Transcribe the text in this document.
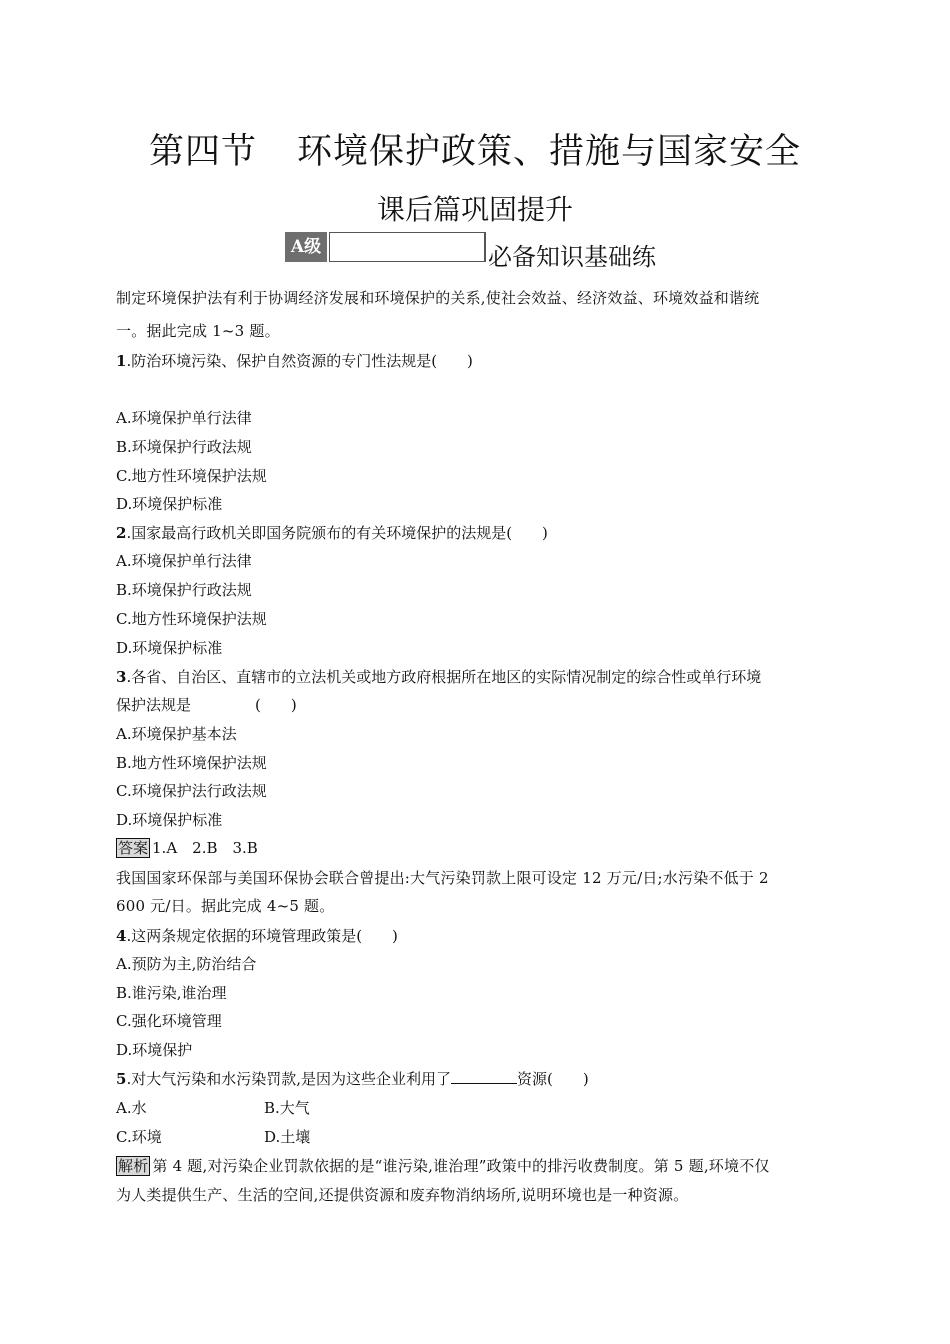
第四节 环境保护政策、措施与国家安全
课后篇巩固提升
A级	必备知识基础练
制定环境保护法有利于协调经济发展和环境保护的关系,使社会效益、经济效益、环境效益和谐统
一。据此完成 1~3 题。
1.防治环境污染、保护自然资源的专门性法规是(　　)
A.环境保护单行法律
B.环境保护行政法规
C.地方性环境保护法规
D.环境保护标准
2.国家最高行政机关即国务院颁布的有关环境保护的法规是(　　)
A.环境保护单行法律
B.环境保护行政法规
C.地方性环境保护法规
D.环境保护标准
3.各省、自治区、直辖市的立法机关或地方政府根据所在地区的实际情况制定的综合性或单行环境
保护法规是	(　　)
A.环境保护基本法
B.地方性环境保护法规
C.环境保护法行政法规
D.环境保护标准
答案 1.A　2.B　3.B
我国国家环保部与美国环保协会联合曾提出:大气污染罚款上限可设定 12 万元/日;水污染不低于 2
600 元/日。据此完成 4~5 题。
4.这两条规定依据的环境管理政策是(　　)
A.预防为主,防治结合
B.谁污染,谁治理
C.强化环境管理
D.环境保护
5.对大气污染和水污染罚款,是因为这些企业利用了	资源(　　)
A.水	B.大气
C.环境	D.土壤
解析 第 4 题,对污染企业罚款依据的是“谁污染,谁治理”政策中的排污收费制度。第 5 题,环境不仅
为人类提供生产、生活的空间,还提供资源和废弃物消纳场所,说明环境也是一种资源。
